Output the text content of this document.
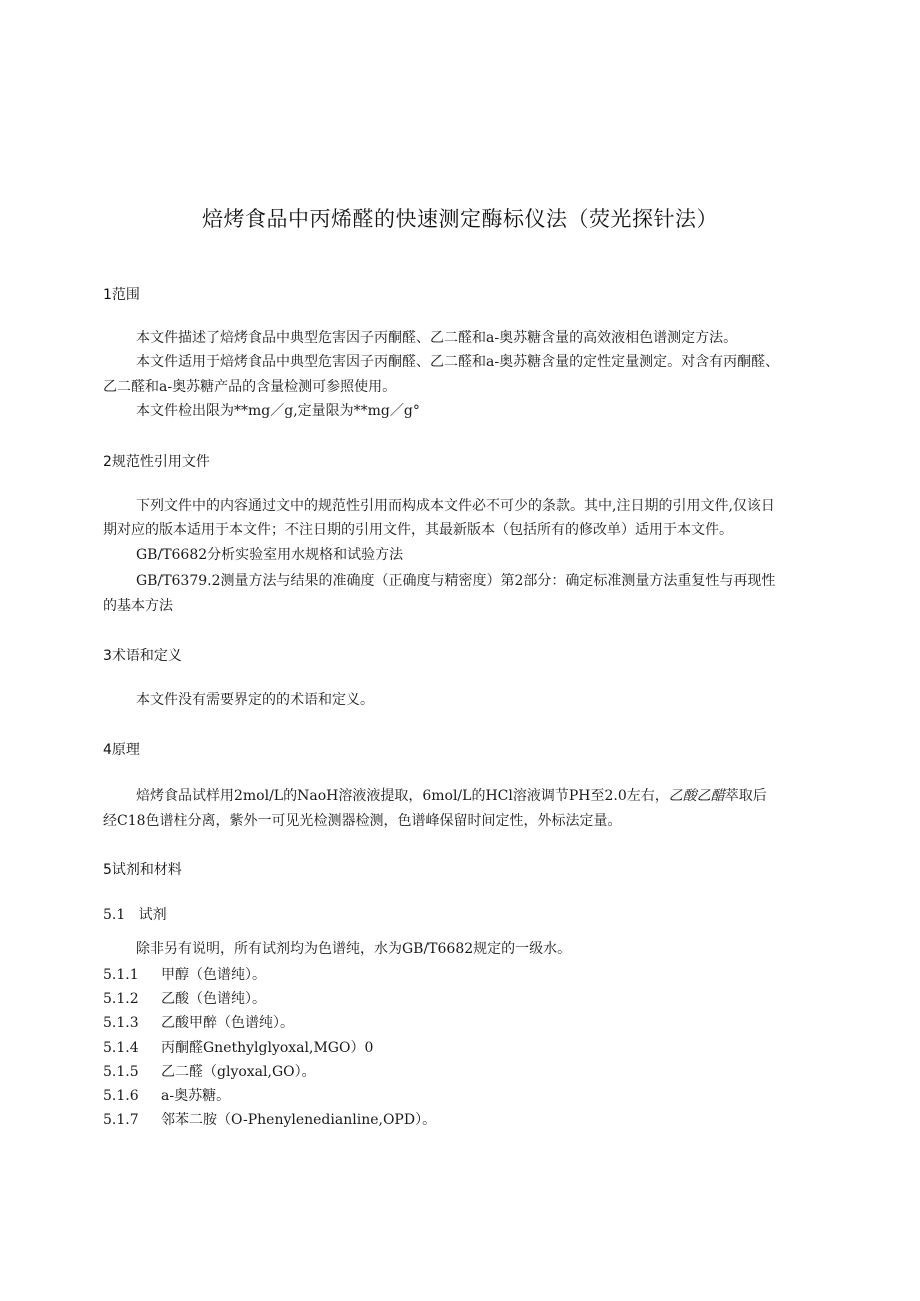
焙烤食品中丙烯醛的快速测定酶标仪法（荧光探针法）
1范围

本文件描述了焙烤食品中典型危害因子丙酮醛、乙二醛和a-奥苏糖含量的高效液相色谱测定方法。

本文件适用于焙烤食品中典型危害因子丙酮醛、乙二醛和a-奥苏糖含量的定性定量测定。对含有丙酮醛、

乙二醛和a-奥苏糖产品的含量检测可参照使用。

本文件检出限为**mg／g,定量限为**mg／g°

2规范性引用文件

下列文件中的内容通过文中的规范性引用而构成本文件必不可少的条款。其中,注日期的引用文件,仅该日

期对应的版本适用于本文件；不注日期的引用文件，其最新版本（包括所有的修改单）适用于本文件。

GB/T6682分析实验室用水规格和试验方法

GB/T6379.2测量方法与结果的准确度（正确度与精密度）第2部分：确定标准测量方法重复性与再现性

的基本方法

3术语和定义

本文件没有需要界定的的术语和定义。

4原理

焙烤食品试样用2mol/L的NaoH溶液液提取，6mol/L的HCl溶液调节PH至2.0左右，乙酸乙醋萃取后

经C18色谱柱分离，紫外一可见光检测器检测，色谱峰保留时间定性，外标法定量。

5试剂和材料

5.1   试剂

除非另有说明，所有试剂均为色谱纯，水为GB/T6682规定的一级水。

5.1.1 甲醇（色谱纯）。

5.1.2 乙酸（色谱纯）。

5.1.3 乙酸甲醉（色谱纯）。

5.1.4 丙酮醛Gnethylglyoxal,MGO）0

5.1.5 乙二醛（glyoxal,GO）。

5.1.6 a-奥苏糖。

5.1.7 邻苯二胺（O-Phenylenedianline,OPD）。
